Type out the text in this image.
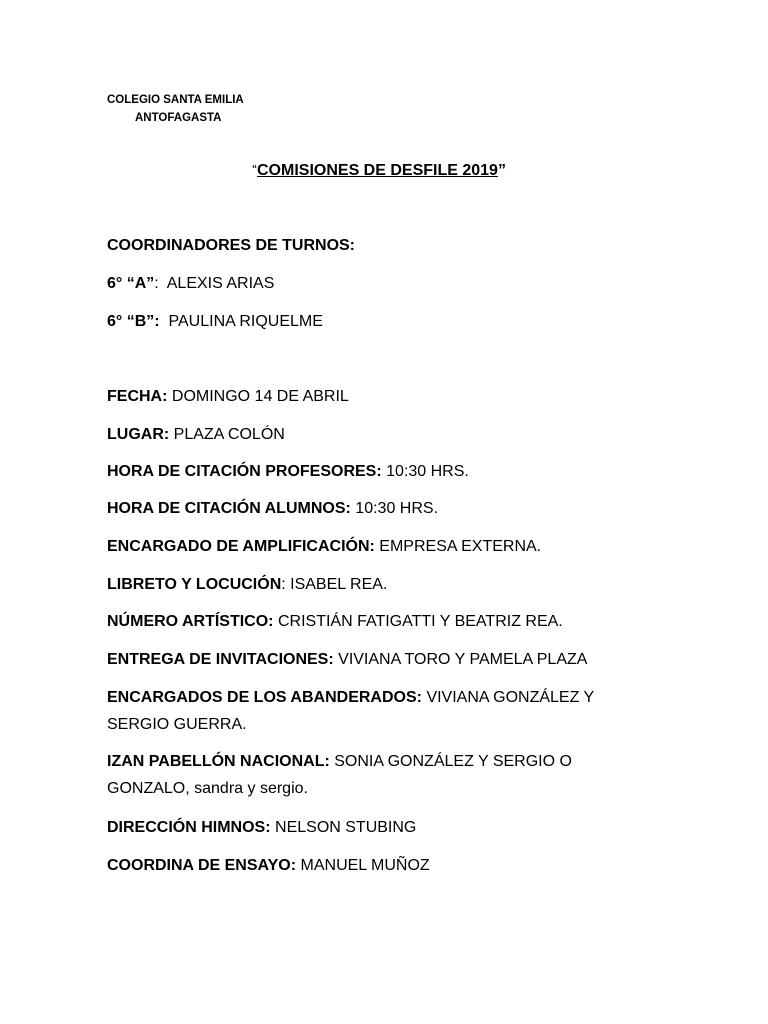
COLEGIO SANTA EMILIA
ANTOFAGASTA
“COMISIONES DE DESFILE 2019”
COORDINADORES DE TURNOS:
6° “A”:  ALEXIS ARIAS
6° “B”: PAULINA RIQUELME
FECHA: DOMINGO 14 DE ABRIL
LUGAR: PLAZA COLÓN
HORA DE CITACIÓN PROFESORES: 10:30 HRS.
HORA DE CITACIÓN ALUMNOS: 10:30 HRS.
ENCARGADO DE AMPLIFICACIÓN: EMPRESA EXTERNA.
LIBRETO Y LOCUCIÓN: ISABEL REA.
NÚMERO ARTÍSTICO: CRISTIÁN FATIGATTI Y BEATRIZ REA.
ENTREGA DE INVITACIONES: VIVIANA TORO Y PAMELA PLAZA
ENCARGADOS DE LOS ABANDERADOS: VIVIANA GONZÁLEZ Y SERGIO GUERRA.
IZAN PABELLÓN NACIONAL: SONIA GONZÁLEZ Y SERGIO O GONZALO, sandra y sergio.
DIRECCIÓN HIMNOS: NELSON STUBING
COORDINA DE ENSAYO: MANUEL MUÑOZ
